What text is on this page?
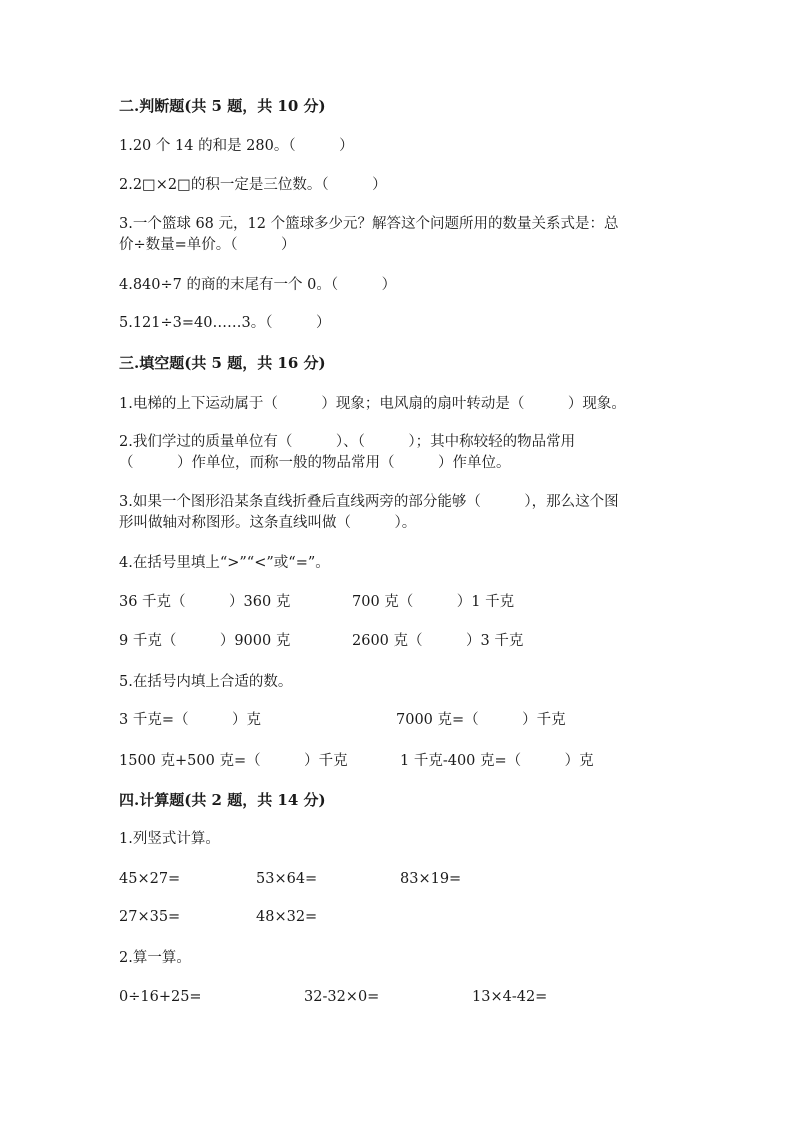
二.判断题(共 5 题，共 10 分)
1.20 个 14 的和是 280。（　　　）
2.2□×2□的积一定是三位数。（　　　）
3.一个篮球 68 元，12 个篮球多少元？解答这个问题所用的数量关系式是：总
价÷数量=单价。（　　　）
4.840÷7 的商的末尾有一个 0。（　　　）
5.121÷3=40……3。（　　　）
三.填空题(共 5 题，共 16 分)
1.电梯的上下运动属于（　　　）现象；电风扇的扇叶转动是（　　　）现象。
2.我们学过的质量单位有（　　　）、（　　　）；其中称较轻的物品常用
（　　　）作单位，而称一般的物品常用（　　　）作单位。
3.如果一个图形沿某条直线折叠后直线两旁的部分能够（　　　），那么这个图
形叫做轴对称图形。这条直线叫做（　　　）。
4.在括号里填上“>”“<”或“=”。
36 千克（　　　）360 克	700 克（　　　）1 千克
9 千克（　　　）9000 克	2600 克（　　　）3 千克
5.在括号内填上合适的数。
3 千克=（　　　）克	7000 克=（　　　）千克
1500 克+500 克=（　　　）千克	1 千克-400 克=（　　　）克
四.计算题(共 2 题，共 14 分)
1.列竖式计算。
45×27=	53×64=	83×19=
27×35=	48×32=
2.算一算。
0÷16+25=	32-32×0=	13×4-42=
